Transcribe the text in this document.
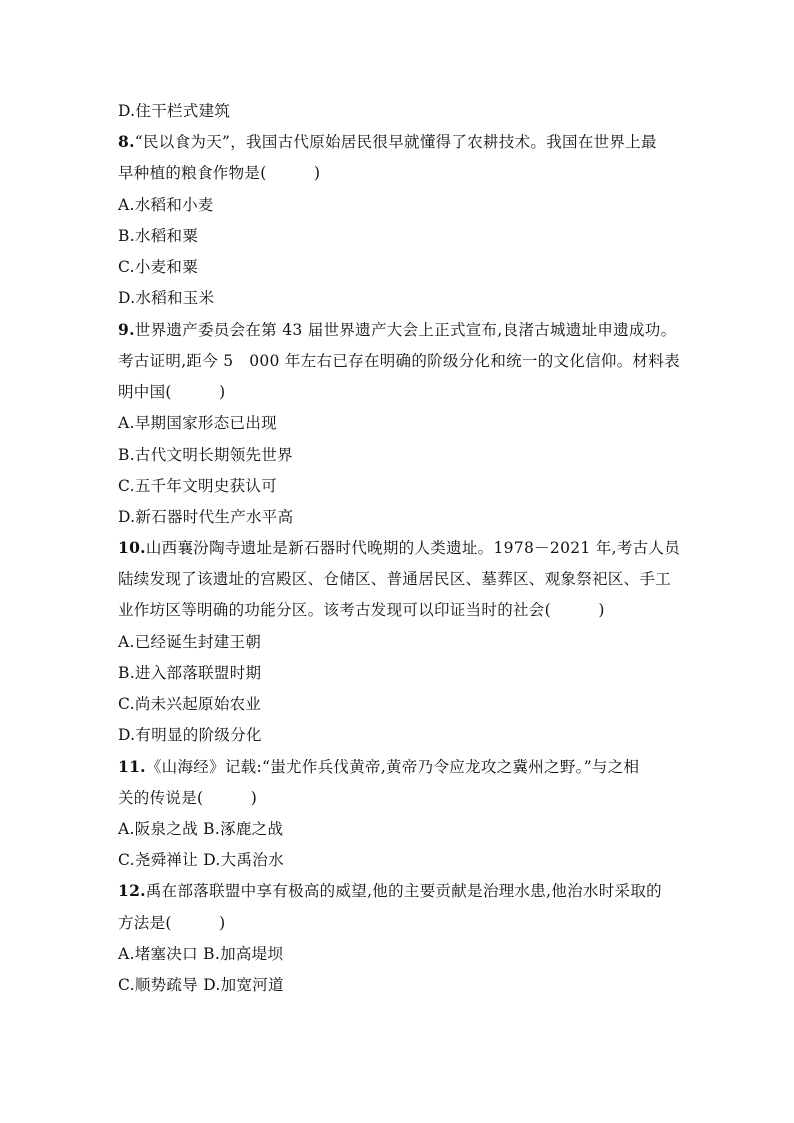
D.住干栏式建筑
8.“民以食为天”，我国古代原始居民很早就懂得了农耕技术。我国在世界上最
早种植的粮食作物是(　　　)
A.水稻和小麦
B.水稻和粟
C.小麦和粟
D.水稻和玉米
9.世界遗产委员会在第 43 届世界遗产大会上正式宣布,良渚古城遗址申遗成功。
考古证明,距今 5　000 年左右已存在明确的阶级分化和统一的文化信仰。材料表
明中国(　　　)
A.早期国家形态已出现
B.古代文明长期领先世界
C.五千年文明史获认可
D.新石器时代生产水平高
10.山西襄汾陶寺遗址是新石器时代晚期的人类遗址。1978－2021 年,考古人员
陆续发现了该遗址的宫殿区、仓储区、普通居民区、墓葬区、观象祭祀区、手工
业作坊区等明确的功能分区。该考古发现可以印证当时的社会(　　　)
A.已经诞生封建王朝
B.进入部落联盟时期
C.尚未兴起原始农业
D.有明显的阶级分化
11.《山海经》记载:“蚩尤作兵伐黄帝,黄帝乃令应龙攻之冀州之野。”与之相
关的传说是(　　　)
A.阪泉之战 B.涿鹿之战
C.尧舜禅让 D.大禹治水
12.禹在部落联盟中享有极高的威望,他的主要贡献是治理水患,他治水时采取的
方法是(　　　)
A.堵塞决口 B.加高堤坝
C.顺势疏导 D.加宽河道
